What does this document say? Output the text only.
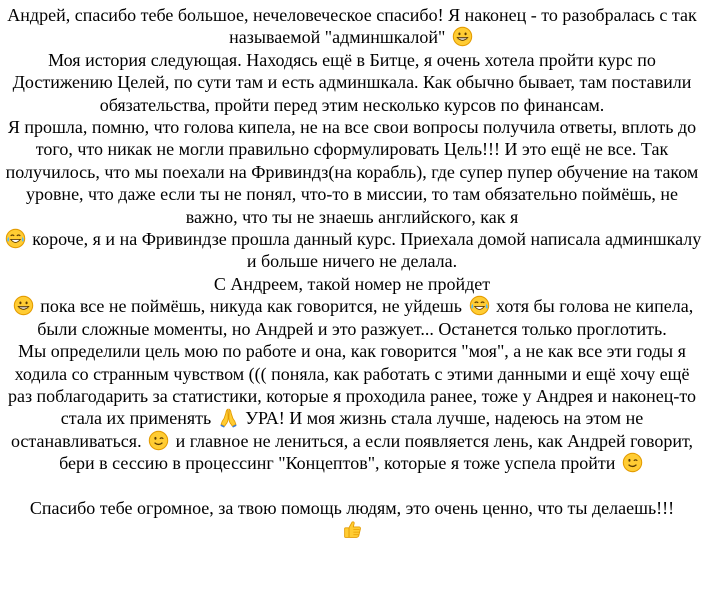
Андрей, спасибо тебе большое, нечеловеческое спасибо! Я наконец - то разобралась с так называемой "админшкалой"
Моя история следующая. Находясь ещё в Битце, я очень хотела пройти курс по Достижению Целей, по сути там и есть админшкала. Как обычно бывает, там поставили обязательства, пройти перед этим несколько курсов по финансам.
Я прошла, помню, что голова кипела, не на все свои вопросы получила ответы, вплоть до того, что никак не могли правильно сформулировать Цель!!! И это ещё не все. Так получилось, что мы поехали на Фривиндз(на корабль), где супер пупер обучение на таком уровне, что даже если ты не понял, что-то в миссии, то там обязательно поймёшь, не важно, что ты не знаешь английского, как я

короче, я и на Фривиндзе прошла данный курс. Приехала домой написала админшкалу и больше ничего не делала.
С Андреем, такой номер не пройдет
пока все не поймёшь, никуда как говорится, не уйдешь хотя бы голова не кипела, были сложные моменты, но Андрей и это разжует... Останется только проглотить.
Мы определили цель мою по работе и она, как говорится "моя", а не как все эти годы я ходила со странным чувством ((( поняла, как работать с этими данными и ещё хочу ещё раз поблагодарить за статистики, которые я проходила ранее, тоже у Андрея и наконец-то стала их применять УРА! И моя жизнь стала лучше, надеюсь на этом не останавливаться. и главное не лениться, а если появляется лень, как Андрей говорит, бери в сессию в процессинг "Концептов", которые я тоже успела пройти
Спасибо тебе огромное, за твою помощь людям, это очень ценно, что ты делаешь!!!
